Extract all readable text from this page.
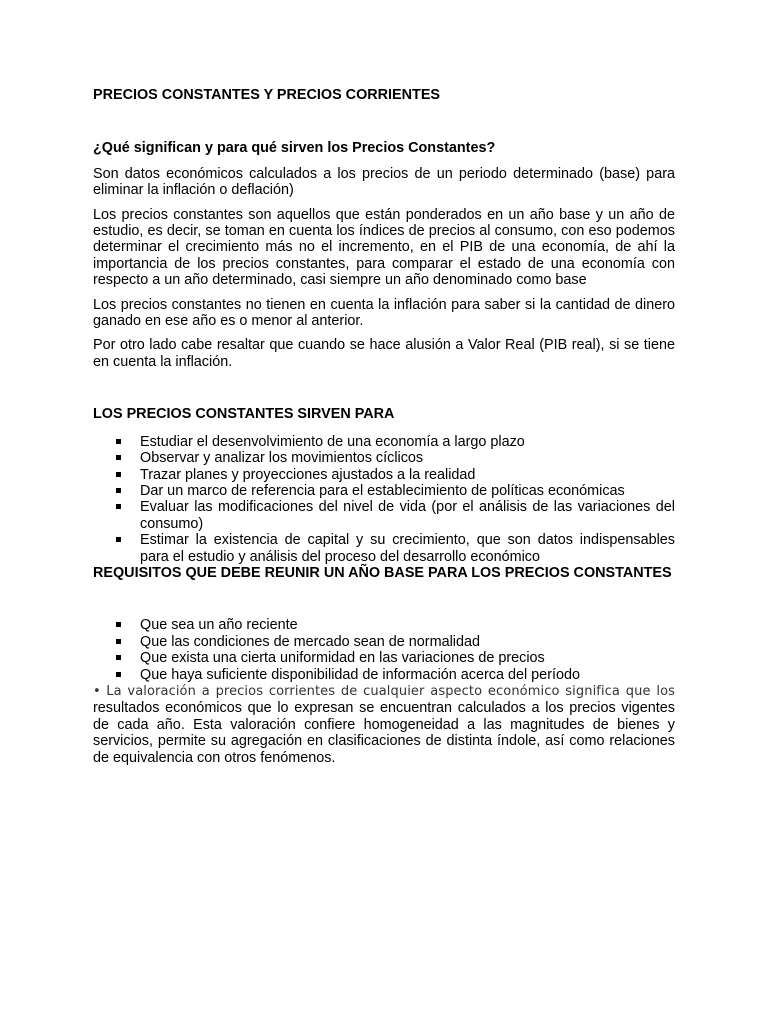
PRECIOS CONSTANTES Y PRECIOS CORRIENTES
¿Qué significan y para qué sirven los Precios Constantes?

Son datos económicos calculados a los precios de un periodo determinado (base) para eliminar la inflación o deflación)

Los precios constantes son aquellos que están ponderados en un año base y un año de estudio, es decir, se toman en cuenta los índices de precios al consumo, con eso podemos determinar el crecimiento más no el incremento, en el PIB de una economía, de ahí la importancia de los precios constantes, para comparar el estado de una economía con respecto a un año determinado, casi siempre un año denominado como base

Los precios constantes no tienen en cuenta la inflación para saber si la cantidad de dinero ganado en ese año es o menor al anterior.

Por otro lado cabe resaltar que cuando se hace alusión a Valor Real (PIB real), si se tiene en cuenta la inflación.

LOS PRECIOS CONSTANTES SIRVEN PARA
Estudiar el desenvolvimiento de una economía a largo plazo
Observar y analizar los movimientos cíclicos
Trazar planes y proyecciones ajustados a la realidad
Dar un marco de referencia para el establecimiento de políticas económicas
Evaluar las modificaciones del nivel de vida (por el análisis de las variaciones del consumo)
Estimar la existencia de capital y su crecimiento, que son datos indispensables para el estudio y análisis del proceso del desarrollo económico
REQUISITOS QUE DEBE REUNIR UN AÑO BASE PARA LOS PRECIOS CONSTANTES
Que sea un año reciente
Que las condiciones de mercado sean de normalidad
Que exista una cierta uniformidad en las variaciones de precios
Que haya suficiente disponibilidad de información acerca del período

• La valoración a precios corrientes de cualquier aspecto económico significa que los resultados económicos que lo expresan se encuentran calculados a los precios vigentes de cada año. Esta valoración confiere homogeneidad a las magnitudes de bienes y servicios, permite su agregación en clasificaciones de distinta índole, así como relaciones de equivalencia con otros fenómenos.
